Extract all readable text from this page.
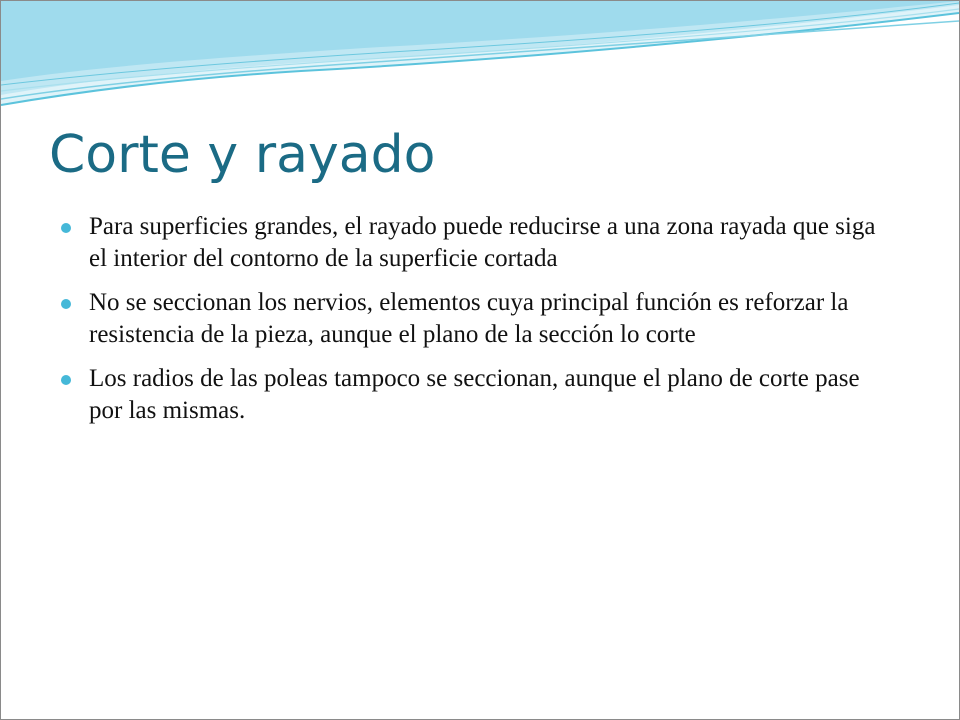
Corte y rayado
Para superficies grandes, el rayado puede reducirse a una zona rayada que siga el interior del contorno de la superficie cortada
No se seccionan los nervios, elementos cuya principal función es reforzar la resistencia de la pieza, aunque el plano de la sección lo corte
Los radios de las poleas tampoco se seccionan, aunque el plano de corte pase por las mismas.
